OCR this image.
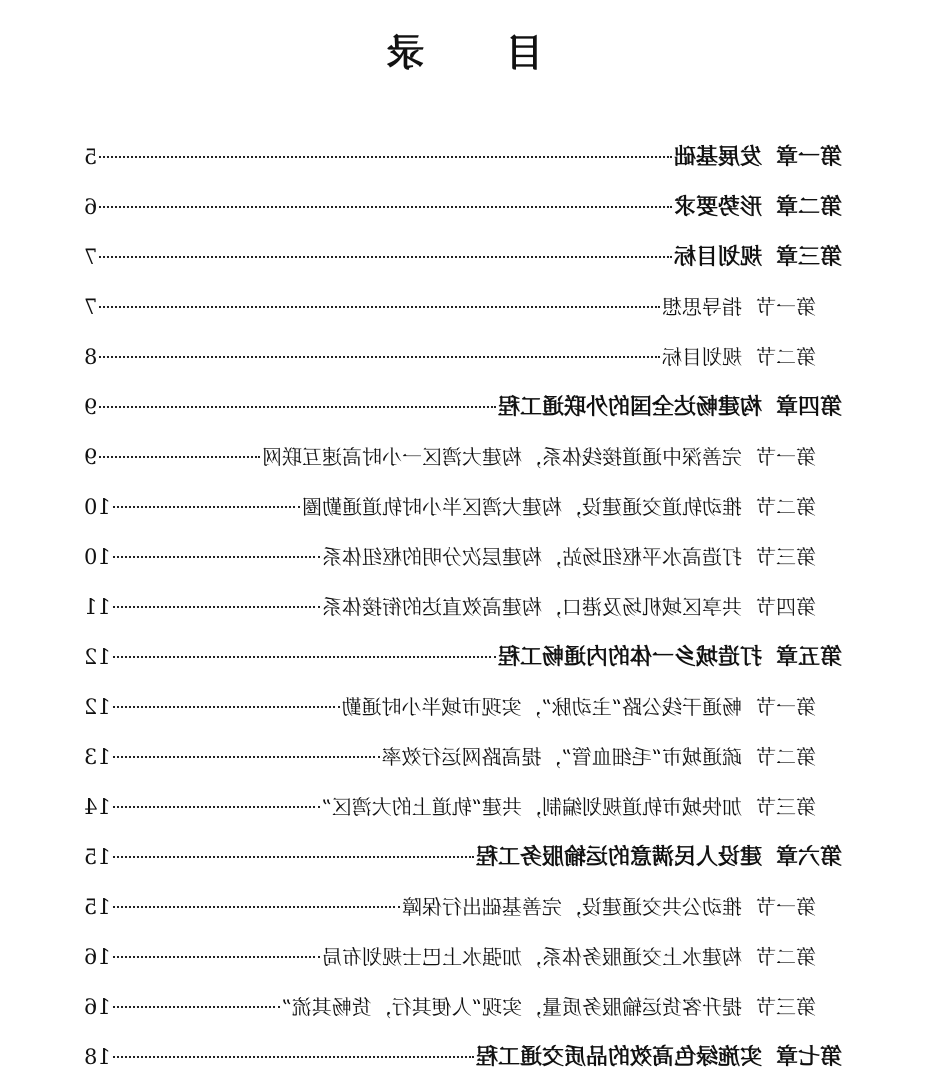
目 录
第一章发展基础
5
第二章形势要求
6
第三章规划目标
7
第一节指导思想
7
第二节规划目标
8
第四章构建畅达全国的外联通工程
9
第一节完善深中通道接线体系，构建大湾区一小时高速互联网
9
第二节推动轨道交通建设，构建大湾区半小时轨道通勤圈
10
第三节打造高水平枢纽场站，构建层次分明的枢纽体系
10
第四节共享区域机场及港口，构建高效直达的衔接体系
11
第五章打造城乡一体的内通畅工程
12
第一节畅通干线公路“主动脉”，实现市域半小时通勤
12
第二节疏通城市“毛细血管”，提高路网运行效率
13
第三节加快城市轨道规划编制，共建“轨道上的大湾区”
14
第六章建设人民满意的运输服务工程
15
第一节推动公共交通建设，完善基础出行保障
15
第二节构建水上交通服务体系，加强水上巴士规划布局
16
第三节提升客货运输服务质量，实现“人便其行，货畅其流”
16
第七章实施绿色高效的品质交通工程
18
